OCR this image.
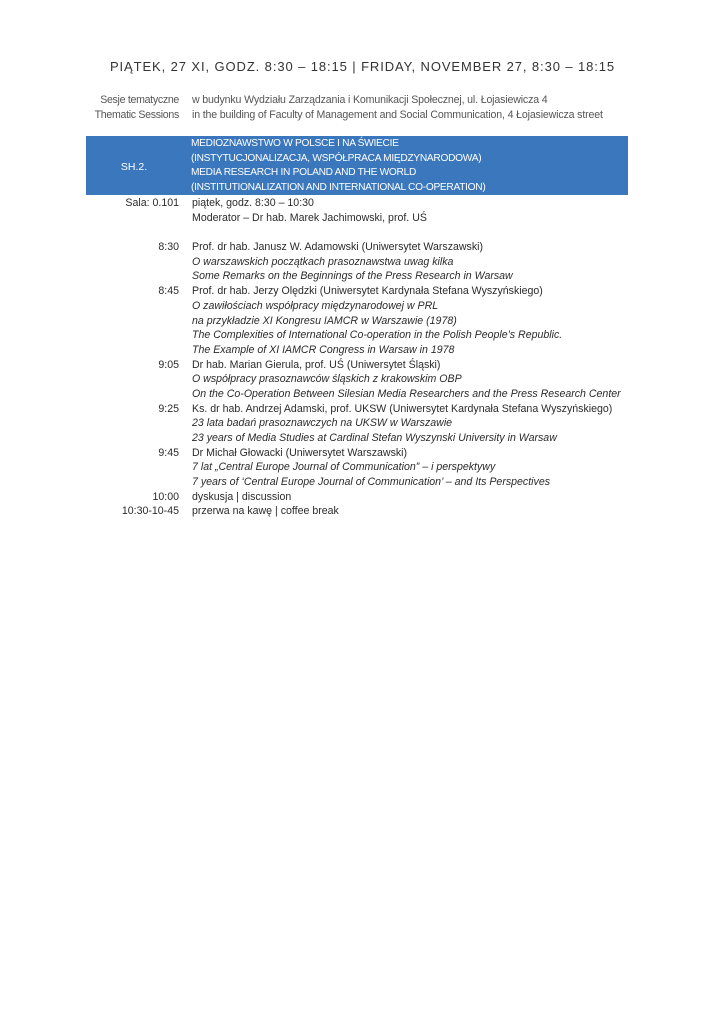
PIĄTEK, 27 XI, GODZ. 8:30 – 18:15 | FRIDAY, NOVEMBER 27, 8:30 – 18:15
Sesje tematyczne w budynku Wydziału Zarządzania i Komunikacji Społecznej, ul. Łojasiewicza 4
Thematic Sessions in the building of Faculty of Management and Social Communication, 4 Łojasiewicza street
SH.2.
MEDIOZNAWSTWO W POLSCE I NA ŚWIECIE
(INSTYTUCJONALIZACJA, WSPÓŁPRACA MIĘDZYNARODOWA)
MEDIA RESEARCH IN POLAND AND THE WORLD
(INSTITUTIONALIZATION AND INTERNATIONAL CO-OPERATION)
Sala: 0.101 piątek, godz. 8:30 – 10:30
Moderator – Dr hab. Marek Jachimowski, prof. UŚ
8:30 Prof. dr hab. Janusz W. Adamowski (Uniwersytet Warszawski)
O warszawskich początkach prasoznawstwa uwag kilka
Some Remarks on the Beginnings of the Press Research in Warsaw
8:45 Prof. dr hab. Jerzy Olędzki (Uniwersytet Kardynała Stefana Wyszyńskiego)
O zawiłościach współpracy międzynarodowej w PRL
na przykładzie XI Kongresu IAMCR w Warszawie (1978)
The Complexities of International Co-operation in the Polish People’s Republic.
The Example of XI IAMCR Congress in Warsaw in 1978
9:05 Dr hab. Marian Gierula, prof. UŚ (Uniwersytet Śląski)
O współpracy prasoznawców śląskich z krakowskim OBP
On the Co-Operation Between Silesian Media Researchers and the Press Research Center
9:25 Ks. dr hab. Andrzej Adamski, prof. UKSW (Uniwersytet Kardynała Stefana Wyszyńskiego)
23 lata badań prasoznawczych na UKSW w Warszawie
23 years of Media Studies at Cardinal Stefan Wyszynski University in Warsaw
9:45 Dr Michał Głowacki (Uniwersytet Warszawski)
7 lat „Central Europe Journal of Communication” – i perspektywy
7 years of ‘Central Europe Journal of Communication’ – and Its Perspectives
10:00 dyskusja | discussion
10:30-10-45 przerwa na kawę | coffee break
